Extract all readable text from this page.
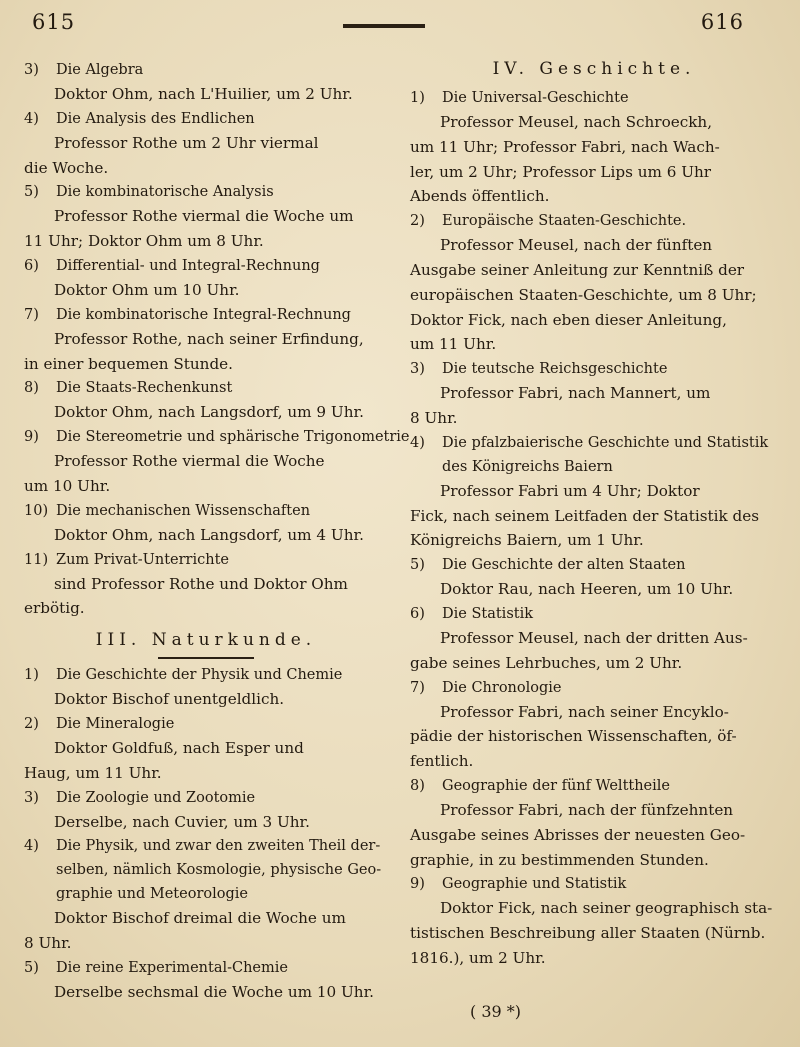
615	616
3) Die Algebra
Doktor Ohm, nach L'Huilier, um 2 Uhr.
4) Die Analysis des Endlichen
Professor Rothe um 2 Uhr viermal
die Woche.
5) Die kombinatorische Analysis
Professor Rothe viermal die Woche um
11 Uhr; Doktor Ohm um 8 Uhr.
6) Differential- und Integral-Rechnung
Doktor Ohm um 10 Uhr.
7) Die kombinatorische Integral-Rechnung
Professor Rothe, nach seiner Erfindung,
in einer bequemen Stunde.
8) Die Staats-Rechenkunst
Doktor Ohm, nach Langsdorf, um 9 Uhr.
9) Die Stereometrie und sphärische Trigonometrie
Professor Rothe viermal die Woche
um 10 Uhr.
10) Die mechanischen Wissenschaften
Doktor Ohm, nach Langsdorf, um 4 Uhr.
11) Zum Privat-Unterrichte
sind Professor Rothe und Doktor Ohm
erbötig.
III. Naturkunde.
1) Die Geschichte der Physik und Chemie
Doktor Bischof unentgeldlich.
2) Die Mineralogie
Doktor Goldfuß, nach Esper und
Haug, um 11 Uhr.
3) Die Zoologie und Zootomie
Derselbe, nach Cuvier, um 3 Uhr.
4) Die Physik, und zwar den zweiten Theil der-
selben, nämlich Kosmologie, physische Geo-
graphie und Meteorologie
Doktor Bischof dreimal die Woche um
8 Uhr.
5) Die reine Experimental-Chemie
Derselbe sechsmal die Woche um 10 Uhr.
IV. Geschichte.
1) Die Universal-Geschichte
Professor Meusel, nach Schroeckh,
um 11 Uhr; Professor Fabri, nach Wach-
ler, um 2 Uhr; Professor Lips um 6 Uhr
Abends öffentlich.
2) Europäische Staaten-Geschichte.
Professor Meusel, nach der fünften
Ausgabe seiner Anleitung zur Kenntniß der
europäischen Staaten-Geschichte, um 8 Uhr;
Doktor Fick, nach eben dieser Anleitung,
um 11 Uhr.
3) Die teutsche Reichsgeschichte
Professor Fabri, nach Mannert, um
8 Uhr.
4) Die pfalzbaierische Geschichte und Statistik
des Königreichs Baiern
Professor Fabri um 4 Uhr; Doktor
Fick, nach seinem Leitfaden der Statistik des
Königreichs Baiern, um 1 Uhr.
5) Die Geschichte der alten Staaten
Doktor Rau, nach Heeren, um 10 Uhr.
6) Die Statistik
Professor Meusel, nach der dritten Aus-
gabe seines Lehrbuches, um 2 Uhr.
7) Die Chronologie
Professor Fabri, nach seiner Encyklo-
pädie der historischen Wissenschaften, öf-
fentlich.
8) Geographie der fünf Welttheile
Professor Fabri, nach der fünfzehnten
Ausgabe seines Abrisses der neuesten Geo-
graphie, in zu bestimmenden Stunden.
9) Geographie und Statistik
Doktor Fick, nach seiner geographisch sta-
tistischen Beschreibung aller Staaten (Nürnb.
1816.), um 2 Uhr.
( 39 *)
